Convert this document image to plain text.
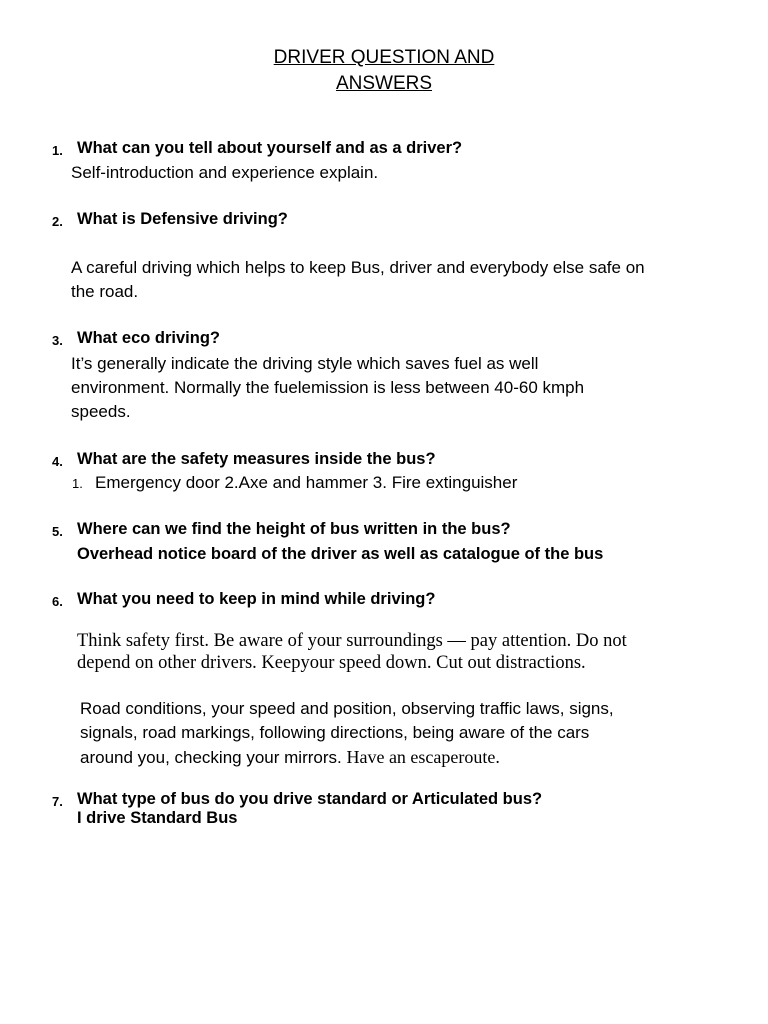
DRIVER QUESTION AND
ANSWERS
1. What can you tell about yourself and as a driver?
Self-introduction and experience explain.
2. What is Defensive driving?
A careful driving which helps to keep Bus, driver and everybody else safe on
the road.
3. What eco driving?
It’s generally indicate the driving style which saves fuel as well
environment. Normally the fuelemission is less between 40-60 kmph
speeds.
4. What are the safety measures inside the bus?
1. Emergency door 2.Axe and hammer 3. Fire extinguisher
5. Where can we find the height of bus written in the bus?
Overhead notice board of the driver as well as catalogue of the bus
6. What you need to keep in mind while driving?
Think safety first. Be aware of your surroundings — pay attention. Do not
depend on other drivers. Keepyour speed down. Cut out distractions.
Road conditions, your speed and position, observing traffic laws, signs,
signals, road markings, following directions, being aware of the cars
around you, checking your mirrors. Have an escaperoute.
7. What type of bus do you drive standard or Articulated bus?
I drive Standard Bus
